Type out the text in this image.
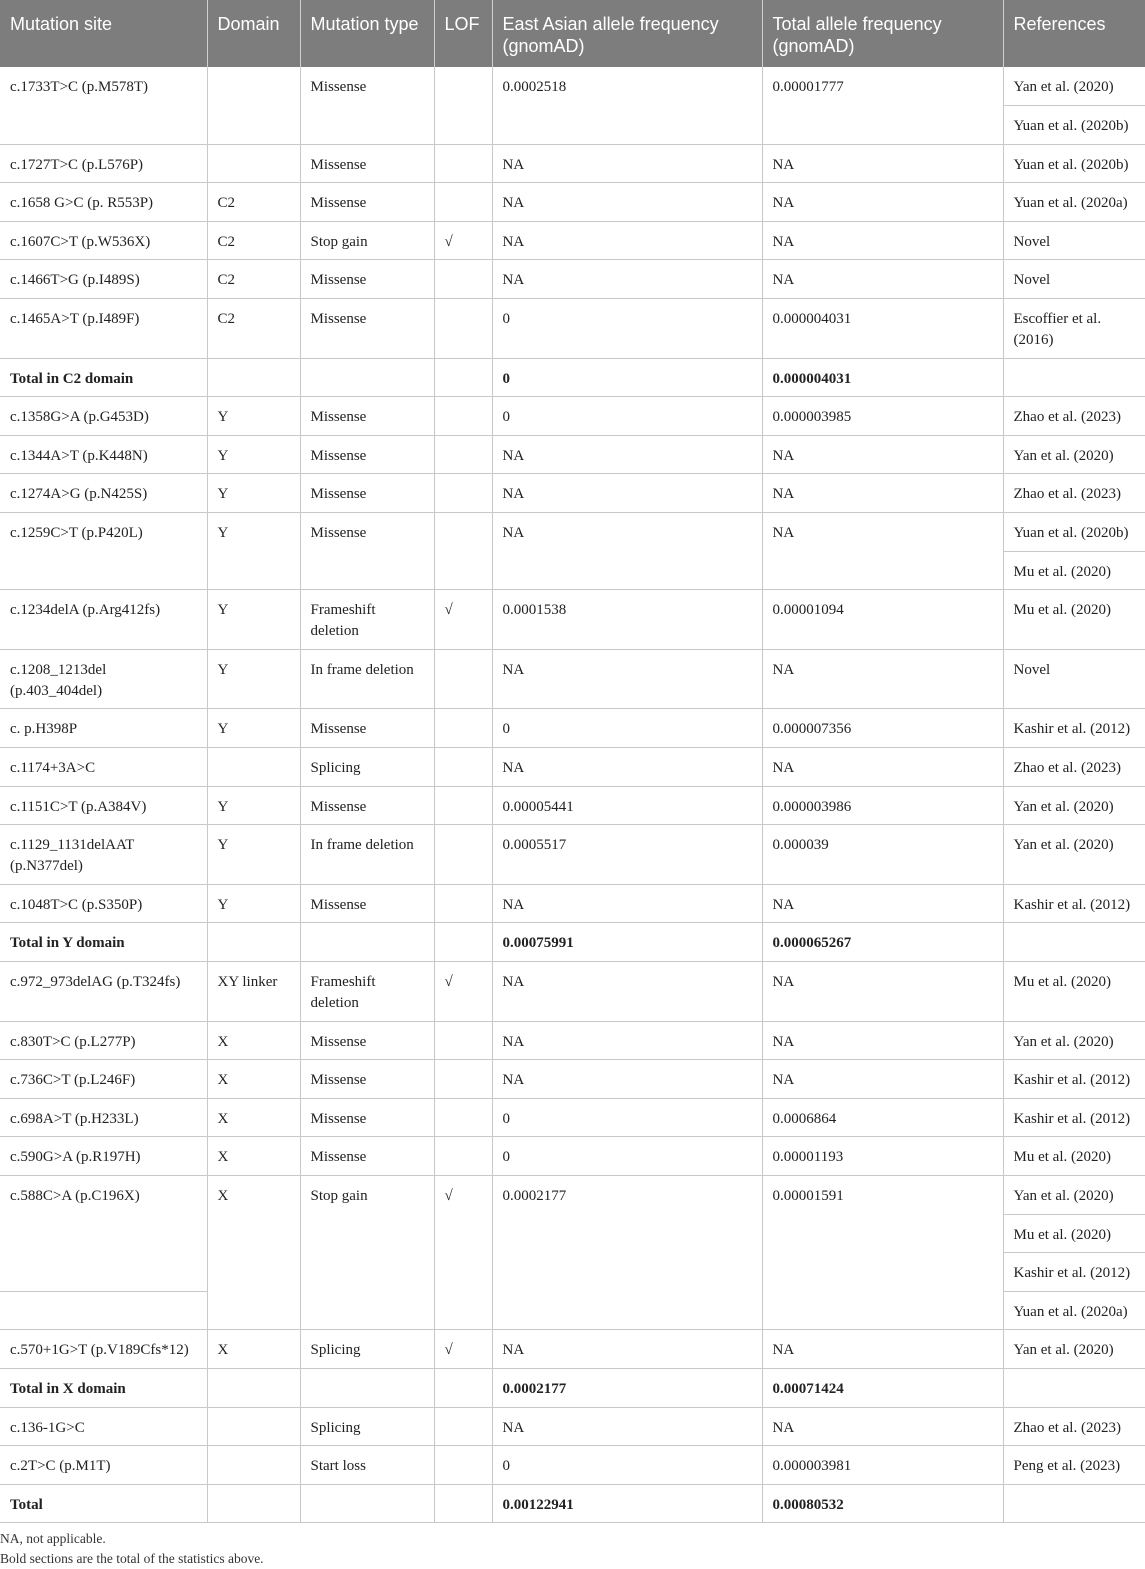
Mutation site	Domain	Mutation type	LOF	East Asian allele frequency (gnomAD)	Total allele frequency (gnomAD)	References
c.1733T>C (p.M578T)		Missense		0.0002518	0.00001777	Yan et al. (2020)
						Yuan et al. (2020b)
c.1727T>C (p.L576P)		Missense		NA	NA	Yuan et al. (2020b)
c.1658 G>C (p. R553P)	C2	Missense		NA	NA	Yuan et al. (2020a)
c.1607C>T (p.W536X)	C2	Stop gain	√	NA	NA	Novel
c.1466T>G (p.I489S)	C2	Missense		NA	NA	Novel
c.1465A>T (p.I489F)	C2	Missense		0	0.000004031	Escoffier et al. (2016)
Total in C2 domain				0	0.000004031	
c.1358G>A (p.G453D)	Y	Missense		0	0.000003985	Zhao et al. (2023)
c.1344A>T (p.K448N)	Y	Missense		NA	NA	Yan et al. (2020)
c.1274A>G (p.N425S)	Y	Missense		NA	NA	Zhao et al. (2023)
c.1259C>T (p.P420L)	Y	Missense		NA	NA	Yuan et al. (2020b)
						Mu et al. (2020)
c.1234delA (p.Arg412fs)	Y	Frameshift deletion	√	0.0001538	0.00001094	Mu et al. (2020)
c.1208_1213del (p.403_404del)	Y	In frame deletion		NA	NA	Novel
c. p.H398P	Y	Missense		0	0.000007356	Kashir et al. (2012)
c.1174+3A>C		Splicing		NA	NA	Zhao et al. (2023)
c.1151C>T (p.A384V)	Y	Missense		0.00005441	0.000003986	Yan et al. (2020)
c.1129_1131delAAT (p.N377del)	Y	In frame deletion		0.0005517	0.000039	Yan et al. (2020)
c.1048T>C (p.S350P)	Y	Missense		NA	NA	Kashir et al. (2012)
Total in Y domain				0.00075991	0.000065267	
c.972_973delAG (p.T324fs)	XY linker	Frameshift deletion	√	NA	NA	Mu et al. (2020)
c.830T>C (p.L277P)	X	Missense		NA	NA	Yan et al. (2020)
c.736C>T (p.L246F)	X	Missense		NA	NA	Kashir et al. (2012)
c.698A>T (p.H233L)	X	Missense		0	0.0006864	Kashir et al. (2012)
c.590G>A (p.R197H)	X	Missense		0	0.00001193	Mu et al. (2020)
c.588C>A (p.C196X)	X	Stop gain	√	0.0002177	0.00001591	Yan et al. (2020)
						Mu et al. (2020)
						Kashir et al. (2012)
						Yuan et al. (2020a)
c.570+1G>T (p.V189Cfs*12)	X	Splicing	√	NA	NA	Yan et al. (2020)
Total in X domain				0.0002177	0.00071424	
c.136-1G>C		Splicing		NA	NA	Zhao et al. (2023)
c.2T>C (p.M1T)		Start loss		0	0.000003981	Peng et al. (2023)
Total				0.00122941	0.00080532	
NA, not applicable.
Bold sections are the total of the statistics above.
